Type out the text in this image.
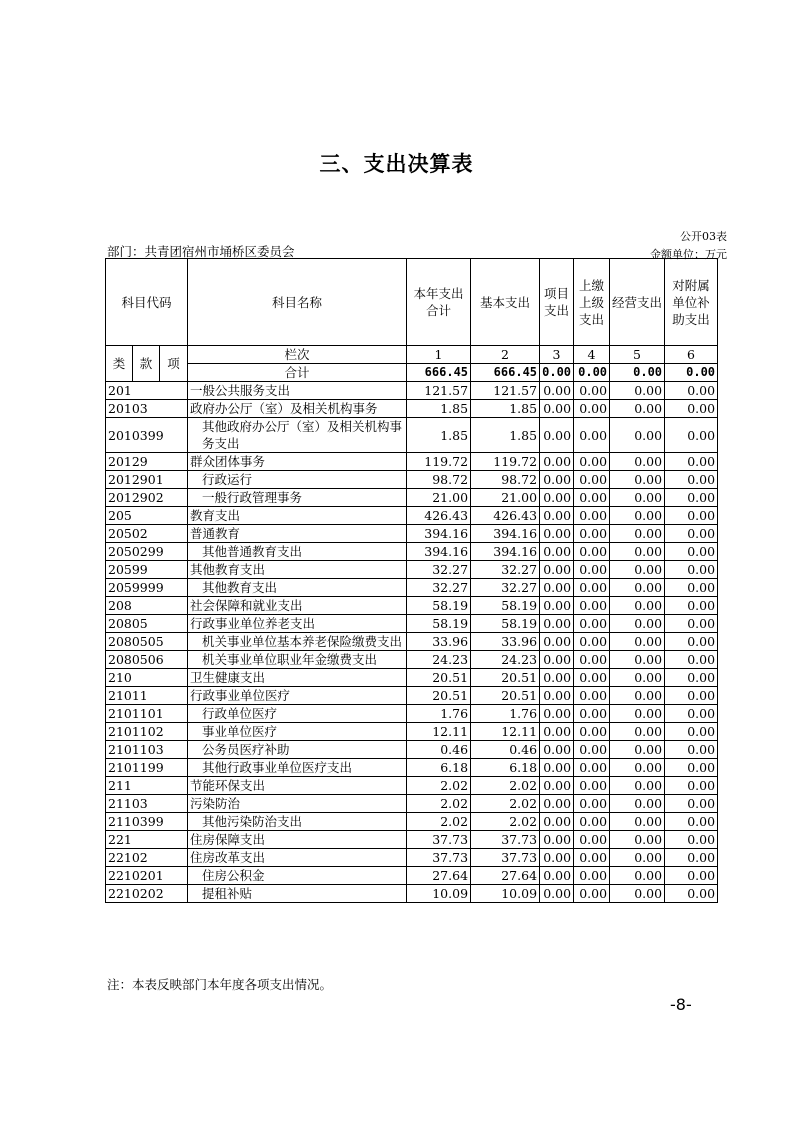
三、支出决算表
公开03表
部门：共青团宿州市埇桥区委员会	金额单位：万元
科目代码			科目名称	本年支出合计	基本支出	项目支出	上缴上级支出	经营支出	对附属单位补助支出
类	款	项	栏次	1	2	3	4	5	6
			合计	666.45	666.45	0.00	0.00	0.00	0.00
201			一般公共服务支出	121.57	121.57	0.00	0.00	0.00	0.00
20103			政府办公厅（室）及相关机构事务	1.85	1.85	0.00	0.00	0.00	0.00
2010399			其他政府办公厅（室）及相关机构事务支出	1.85	1.85	0.00	0.00	0.00	0.00
20129			群众团体事务	119.72	119.72	0.00	0.00	0.00	0.00
2012901			行政运行	98.72	98.72	0.00	0.00	0.00	0.00
2012902			一般行政管理事务	21.00	21.00	0.00	0.00	0.00	0.00
205			教育支出	426.43	426.43	0.00	0.00	0.00	0.00
20502			普通教育	394.16	394.16	0.00	0.00	0.00	0.00
2050299			其他普通教育支出	394.16	394.16	0.00	0.00	0.00	0.00
20599			其他教育支出	32.27	32.27	0.00	0.00	0.00	0.00
2059999			其他教育支出	32.27	32.27	0.00	0.00	0.00	0.00
208			社会保障和就业支出	58.19	58.19	0.00	0.00	0.00	0.00
20805			行政事业单位养老支出	58.19	58.19	0.00	0.00	0.00	0.00
2080505			机关事业单位基本养老保险缴费支出	33.96	33.96	0.00	0.00	0.00	0.00
2080506			机关事业单位职业年金缴费支出	24.23	24.23	0.00	0.00	0.00	0.00
210			卫生健康支出	20.51	20.51	0.00	0.00	0.00	0.00
21011			行政事业单位医疗	20.51	20.51	0.00	0.00	0.00	0.00
2101101			行政单位医疗	1.76	1.76	0.00	0.00	0.00	0.00
2101102			事业单位医疗	12.11	12.11	0.00	0.00	0.00	0.00
2101103			公务员医疗补助	0.46	0.46	0.00	0.00	0.00	0.00
2101199			其他行政事业单位医疗支出	6.18	6.18	0.00	0.00	0.00	0.00
211			节能环保支出	2.02	2.02	0.00	0.00	0.00	0.00
21103			污染防治	2.02	2.02	0.00	0.00	0.00	0.00
2110399			其他污染防治支出	2.02	2.02	0.00	0.00	0.00	0.00
221			住房保障支出	37.73	37.73	0.00	0.00	0.00	0.00
22102			住房改革支出	37.73	37.73	0.00	0.00	0.00	0.00
2210201			住房公积金	27.64	27.64	0.00	0.00	0.00	0.00
2210202			提租补贴	10.09	10.09	0.00	0.00	0.00	0.00
注：本表反映部门本年度各项支出情况。
-8-
